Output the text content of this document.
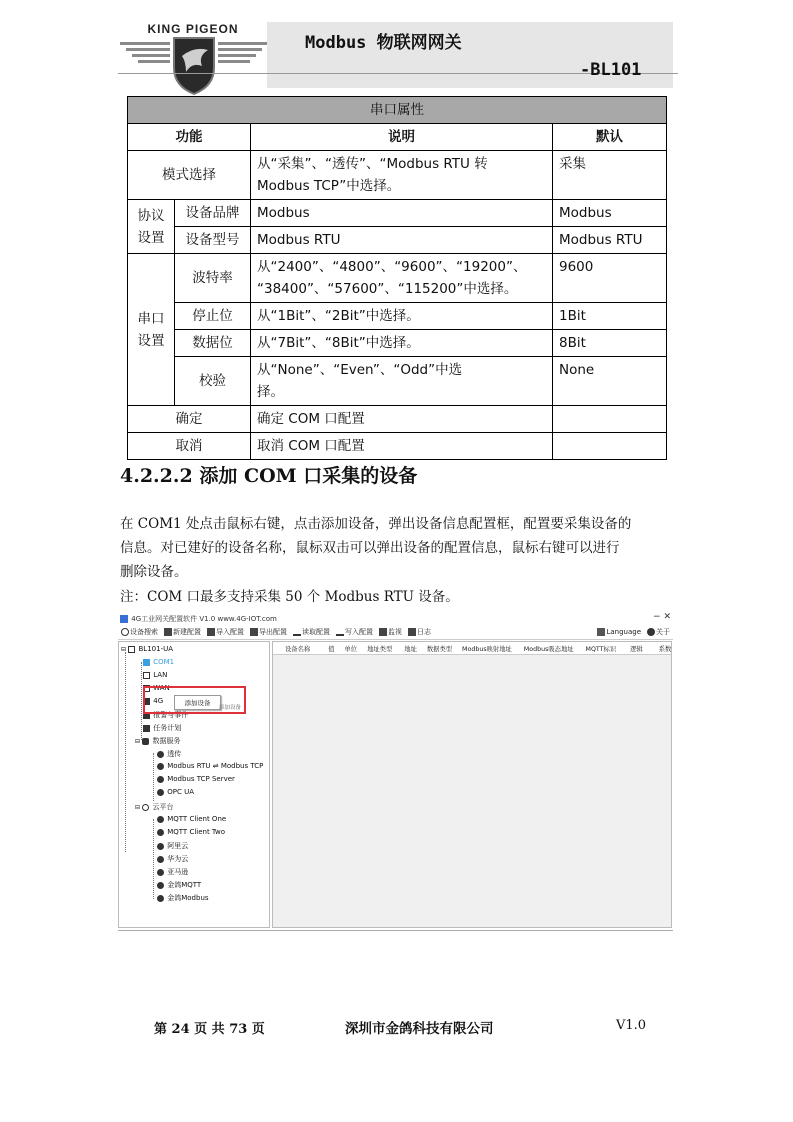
KING PIGEON
Modbus 物联网网关
-BL101
串口属性			
功能		说明	默认
模式选择		从“采集”、“透传”、“Modbus RTU 转
Modbus TCP”中选择。	采集
协议设置	设备品牌	Modbus	Modbus
	设备型号	Modbus RTU	Modbus RTU
串口设置	波特率	从“2400”、“4800”、“9600”、“19200”、
“38400”、“57600”、“115200”中选择。	9600
	停止位	从“1Bit”、“2Bit”中选择。	1Bit
	数据位	从“7Bit”、“8Bit”中选择。	8Bit
	校验	从“None”、“Even”、“Odd”中选
择。	None
确定		确定 COM 口配置	
取消		取消 COM 口配置	
4.2.2.2 添加 COM 口采集的设备
在 COM1 处点击鼠标右键，点击添加设备，弹出设备信息配置框，配置要采集设备的
信息。对已建好的设备名称，鼠标双击可以弹出设备的配置信息，鼠标右键可以进行
删除设备。
注：COM 口最多支持采集 50 个 Modbus RTU 设备。
4G工业网关配置软件 V1.0 www.4G-IOT.com	− ✕
设备搜索 新建配置 导入配置 导出配置 读取配置 写入配置 监视 日志	Language 关于
⊟

BL101-UA

COM1

LAN

WAN

4G

报警与事件

任务计划
⊟

数据服务

透传

Modbus RTU ⇌ Modbus TCP

Modbus TCP Server

OPC UA
⊟

云平台

MQTT Client One

MQTT Client Two

阿里云

华为云

亚马逊

金鸽MQTT

金鸽Modbus
添加设备
添加设备
设备名称	值 单位 地址类型 地址 数据类型 Modbus映射地址 Modbus吸态地址 MQTT标识 逻辑	系数
第 24 页 共 73 页	深圳市金鸽科技有限公司	V1.0
